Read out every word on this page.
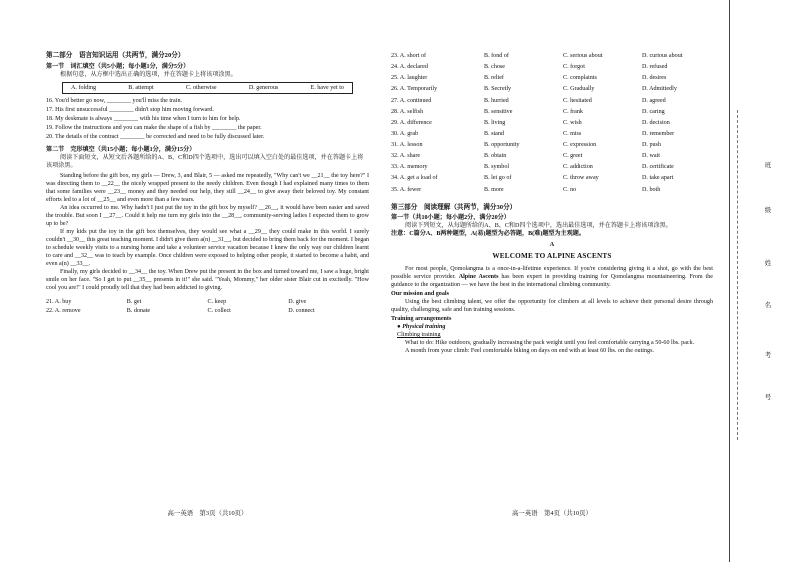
第二部分　语言知识运用（共两节，满分20分）
第一节　词汇填空（共5小题；每小题1分，满分5分）
根据句意，从方框中选出正确的选项，并在答题卡上将该项涂黑。
A. folding	B. attempt	C. otherwise	D. generous	E. have yet to
16. You'd better go now, ________ you'll miss the train.
17. His first unsuccessful ________ didn't stop him moving forward.
18. My deskmate is always ________ with his time when I turn to him for help.
19. Follow the instructions and you can make the shape of a fish by ________ the paper.
20. The details of the contract ________ be corrected and need to be fully discussed later.
第二节　完形填空（共15小题；每小题1分，满分15分）
阅读下面短文，从短文后各题所给的A、B、C和D四个选项中，选出可以填入空白处的最佳选项，并在答题卡上将该项涂黑。

Standing before the gift box, my girls — Drew, 3, and Blair, 5 — asked me repeatedly, "Why can't we __21__ the toy here?" I was directing them to __22__ the nicely wrapped present to the needy children. Even though I had explained many times to them that some families were __23__ money and they needed our help, they still __24__ to give away their beloved toy. My constant efforts led to a lot of __25__ and even more than a few tears.

An idea occurred to me. Why hadn't I just put the toy in the gift box by myself? __26__, it would have been easier and saved the trouble. But soon I __27__. Could it help me turn my girls into the __28__, community-serving ladies I expected them to grow up to be?

If my kids put the toy in the gift box themselves, they would see what a __29__ they could make in this world. I surely couldn't __30__ this great teaching moment. I didn't give them a(n) __31__, but decided to bring them back for the moment. I began to schedule weekly visits to a nursing home and take a volunteer service vacation because I knew the only way our children learnt to care and __32__ was to teach by example. Once children were exposed to helping other people, it started to become a habit, and even a(n) __33__.

Finally, my girls decided to __34__ the toy. When Drew put the present in the box and turned toward me, I saw a huge, bright smile on her face. "So I get to put __35__ presents in it!" she said. "Yeah, Mommy," her older sister Blair cut in excitedly. "How cool you are!" I could proudly tell that they had been addicted to giving.

21. A. buy	B. get	C. keep	D. give
22. A. remove	B. donate	C. collect	D. connect
高一英语　第3页（共10页）
23. A. short of	B. fond of	C. serious about	D. curious about
24. A. declared	B. chose	C. forgot	D. refused
25. A. laughter	B. relief	C. complaints	D. desires
26. A. Temporarily	B. Secretly	C. Gradually	D. Admittedly
27. A. continued	B. hurried	C. hesitated	D. agreed
28. A. selfish	B. sensitive	C. frank	D. caring
29. A. difference	B. living	C. wish	D. decision
30. A. grab	B. stand	C. miss	D. remember
31. A. lesson	B. opportunity	C. expression	D. push
32. A. share	B. obtain	C. greet	D. wait
33. A. memory	B. symbol	C. addiction	D. certificate
34. A. get a load of	B. let go of	C. throw away	D. take apart
35. A. fewer	B. more	C. no	D. both
第三部分　阅读理解（共两节，满分30分）
第一节（共10小题；每小题2分，满分20分）
阅读下列短文，从每题所给的A、B、C和D四个选项中，选出最佳选项，并在答题卡上将该项涂黑。
注意：C篇分A、B两种题型，A(易)题型为必答题，B(难)题型为主观题。
A
WELCOME TO ALPINE ASCENTS

For most people, Qomolangma is a once-in-a-lifetime experience. If you're considering giving it a shot, go with the best possible service provider. Alpine Ascents has been expert in providing training for Qomolangma mountaineering. From the guidance to the organization — we have the best in the international climbing community.

Our mission and goals

Using the best climbing talent, we offer the opportunity for climbers at all levels to achieve their personal desire through quality, challenging, safe and fun training sessions.

Training arrangements
● Physical training
Climbing training

What to do: Hike outdoors, gradually increasing the pack weight until you feel comfortable carrying a 50-60 lbs. pack.

A month from your climb: Feel comfortable biking on days on end with at least 60 lbs. on the outings.

高一英语　第4页（共10页）
班
级
姓
名
考
号
